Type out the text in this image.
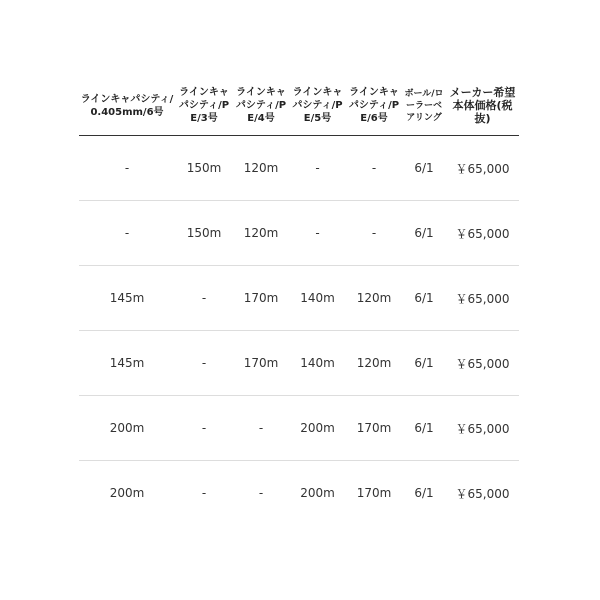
ラインキャパシティ/0.405mm/6号	ラインキャパシティ/PE/3号	ラインキャパシティ/PE/4号	ラインキャパシティ/PE/5号	ラインキャパシティ/PE/6号	ボール/ローラーベアリング	メーカー希望本体価格(税抜)
-	150m	120m	-	-	6/1	￥65,000
-	150m	120m	-	-	6/1	￥65,000
145m	-	170m	140m	120m	6/1	￥65,000
145m	-	170m	140m	120m	6/1	￥65,000
200m	-	-	200m	170m	6/1	￥65,000
200m	-	-	200m	170m	6/1	￥65,000
